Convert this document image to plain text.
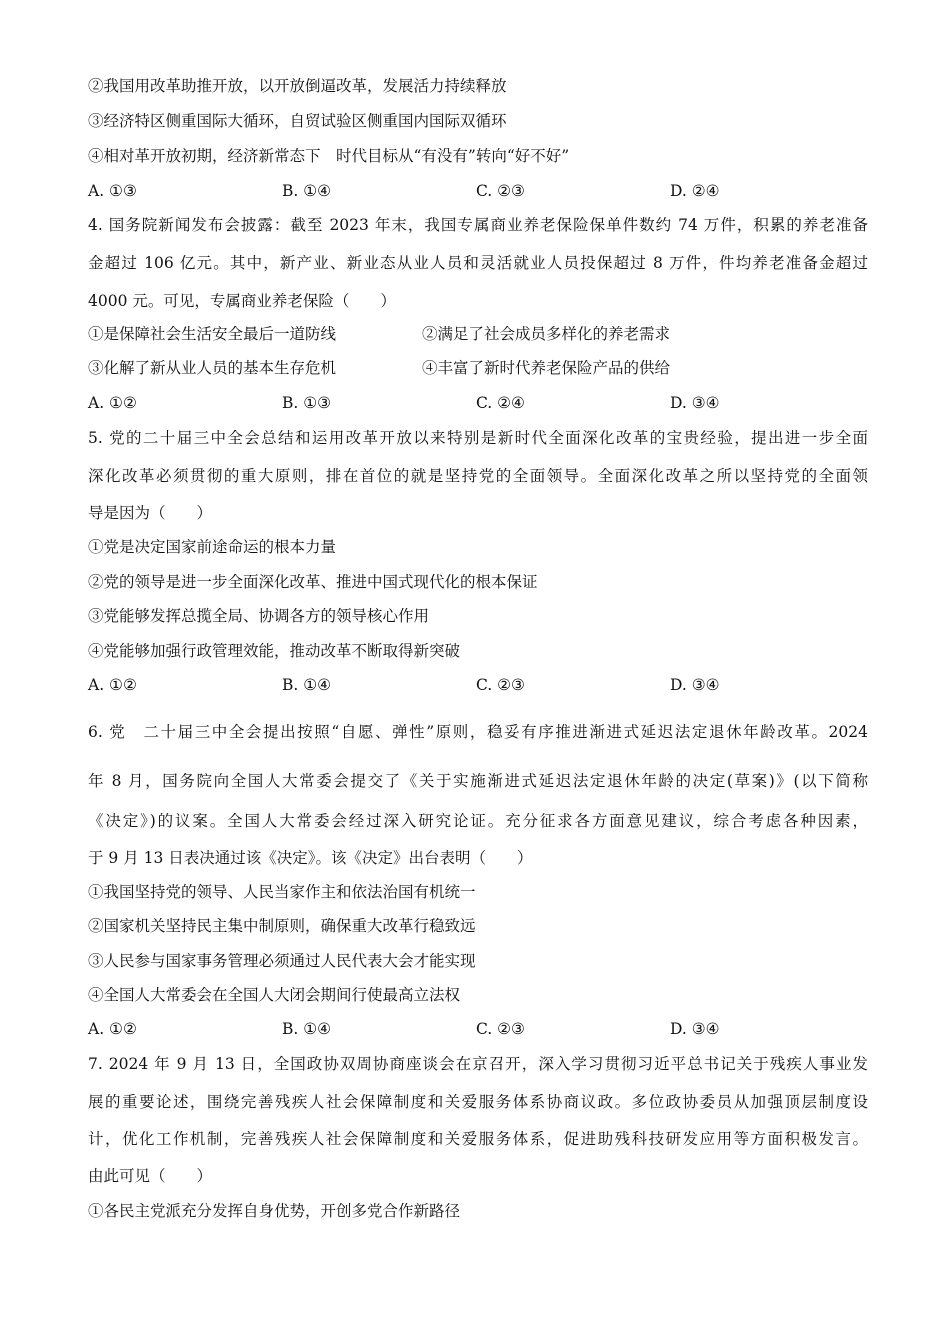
②我国用改革助推开放，以开放倒逼改革，发展活力持续释放
③经济特区侧重国际大循环，自贸试验区侧重国内国际双循环
④相对革开放初期，经济新常态下　时代目标从“有没有”转向“好不好”
A. ①③	B. ①④	C. ②③	D. ②④
4. 国务院新闻发布会披露：截至 2023 年末，我国专属商业养老保险保单件数约 74 万件，积累的养老准备
金超过 106 亿元。其中，新产业、新业态从业人员和灵活就业人员投保超过 8 万件，件均养老准备金超过
4000 元。可见，专属商业养老保险（　　）
①是保障社会生活安全最后一道防线	②满足了社会成员多样化的养老需求
③化解了新从业人员的基本生存危机	④丰富了新时代养老保险产品的供给
A. ①②	B. ①③	C. ②④	D. ③④
5. 党的二十届三中全会总结和运用改革开放以来特别是新时代全面深化改革的宝贵经验，提出进一步全面
深化改革必须贯彻的重大原则，排在首位的就是坚持党的全面领导。全面深化改革之所以坚持党的全面领
导是因为（　　）
①党是决定国家前途命运的根本力量
②党的领导是进一步全面深化改革、推进中国式现代化的根本保证
③党能够发挥总揽全局、协调各方的领导核心作用
④党能够加强行政管理效能，推动改革不断取得新突破
A. ①②	B. ①④	C. ②③	D. ③④
6. 党　二十届三中全会提出按照“自愿、弹性”原则，稳妥有序推进渐进式延迟法定退休年龄改革。2024
年 8 月，国务院向全国人大常委会提交了《关于实施渐进式延迟法定退休年龄的决定(草案)》(以下简称
《决定》)的议案。全国人大常委会经过深入研究论证。充分征求各方面意见建议，综合考虑各种因素，
于 9 月 13 日表决通过该《决定》。该《决定》出台表明（　　）
①我国坚持党的领导、人民当家作主和依法治国有机统一
②国家机关坚持民主集中制原则，确保重大改革行稳致远
③人民参与国家事务管理必须通过人民代表大会才能实现
④全国人大常委会在全国人大闭会期间行使最高立法权
A. ①②	B. ①④	C. ②③	D. ③④
7. 2024 年 9 月 13 日，全国政协双周协商座谈会在京召开，深入学习贯彻习近平总书记关于残疾人事业发
展的重要论述，围绕完善残疾人社会保障制度和关爱服务体系协商议政。多位政协委员从加强顶层制度设
计，优化工作机制，完善残疾人社会保障制度和关爱服务体系，促进助残科技研发应用等方面积极发言。
由此可见（　　）
①各民主党派充分发挥自身优势，开创多党合作新路径
